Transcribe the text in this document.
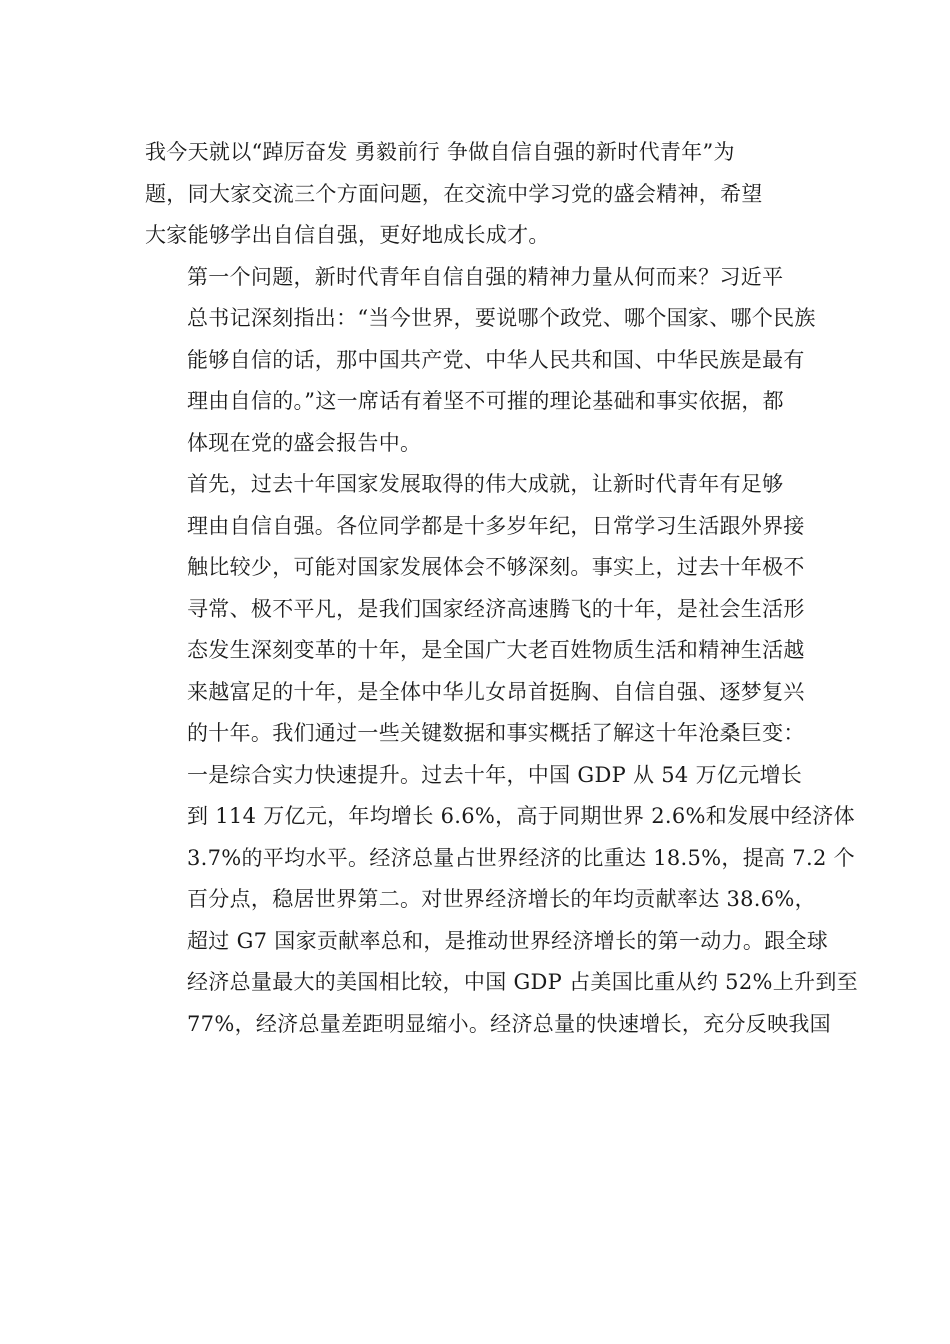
我今天就以“踔厉奋发 勇毅前行 争做自信自强的新时代青年”为
题，同大家交流三个方面问题，在交流中学习党的盛会精神，希望
大家能够学出自信自强，更好地成长成才。

第一个问题，新时代青年自信自强的精神力量从何而来？习近平
总书记深刻指出：“当今世界，要说哪个政党、哪个国家、哪个民族
能够自信的话，那中国共产党、中华人民共和国、中华民族是最有
理由自信的。”这一席话有着坚不可摧的理论基础和事实依据，都
体现在党的盛会报告中。

首先，过去十年国家发展取得的伟大成就，让新时代青年有足够
理由自信自强。各位同学都是十多岁年纪，日常学习生活跟外界接
触比较少，可能对国家发展体会不够深刻。事实上，过去十年极不
寻常、极不平凡，是我们国家经济高速腾飞的十年，是社会生活形
态发生深刻变革的十年，是全国广大老百姓物质生活和精神生活越
来越富足的十年，是全体中华儿女昂首挺胸、自信自强、逐梦复兴
的十年。我们通过一些关键数据和事实概括了解这十年沧桑巨变：

一是综合实力快速提升。过去十年，中国 GDP 从 54 万亿元增长
到 114 万亿元，年均增长 6.6%，高于同期世界 2.6%和发展中经济体
3.7%的平均水平。经济总量占世界经济的比重达 18.5%，提高 7.2 个
百分点，稳居世界第二。对世界经济增长的年均贡献率达 38.6%，
超过 G7 国家贡献率总和，是推动世界经济增长的第一动力。跟全球
经济总量最大的美国相比较，中国 GDP 占美国比重从约 52%上升到至
77%，经济总量差距明显缩小。经济总量的快速增长，充分反映我国
